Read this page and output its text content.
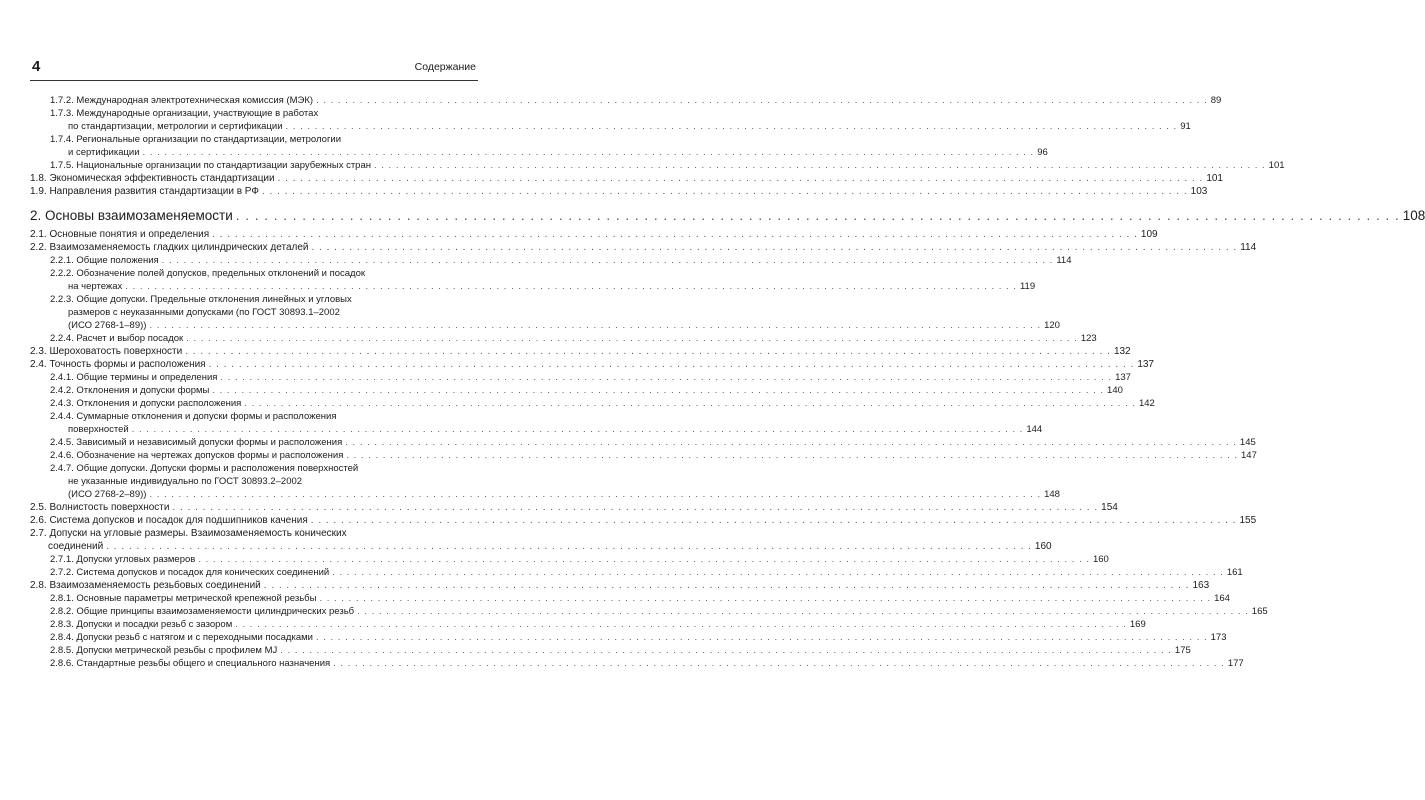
4	Содержание
1.7.2. Международная электротехническая комиссия (МЭК) . . .	89
1.7.3. Международные организации, участвующие в работах
по стандартизации, метрологии и сертификации . . .	91
1.7.4. Региональные организации по стандартизации, метрологии
и сертификации . . .	96
1.7.5. Национальные организации по стандартизации зарубежных стран . . .	101
1.8. Экономическая эффективность стандартизации . . .	101
1.9. Направления развития стандартизации в РФ . . .	103
2. Основы взаимозаменяемости . . .	108
2.1. Основные понятия и определения . . .	109
2.2. Взаимозаменяемость гладких цилиндрических деталей . . .	114
2.2.1. Общие положения . . .	114
2.2.2. Обозначение полей допусков, предельных отклонений и посадок
на чертежах . . .	119
2.2.3. Общие допуски. Предельные отклонения линейных и угловых
размеров с неуказанными допусками (по ГОСТ 30893.1–2002
(ИСО 2768-1–89)) . . .	120
2.2.4. Расчет и выбор посадок . . .	123
2.3. Шероховатость поверхности . . .	132
2.4. Точность формы и расположения . . .	137
2.4.1. Общие термины и определения . . .	137
2.4.2. Отклонения и допуски формы . . .	140
2.4.3. Отклонения и допуски расположения . . .	142
2.4.4. Суммарные отклонения и допуски формы и расположения
поверхностей . . .	144
2.4.5. Зависимый и независимый допуски формы и расположения . . .	145
2.4.6. Обозначение на чертежах допусков формы и расположения . . .	147
2.4.7. Общие допуски. Допуски формы и расположения поверхностей
не указанные индивидуально по ГОСТ 30893.2–2002
(ИСО 2768-2–89)) . . .	148
2.5. Волнистость поверхности . . .	154
2.6. Система допусков и посадок для подшипников качения . . .	155
2.7. Допуски на угловые размеры. Взаимозаменяемость конических
соединений . . .	160
2.7.1. Допуски угловых размеров . . .	160
2.7.2. Система допусков и посадок для конических соединений . . .	161
2.8. Взаимозаменяемость резьбовых соединений . . .	163
2.8.1. Основные параметры метрической крепежной резьбы . . .	164
2.8.2. Общие принципы взаимозаменяемости цилиндрических резьб . . .	165
2.8.3. Допуски и посадки резьб с зазором . . .	169
2.8.4. Допуски резьб с натягом и с переходными посадками . . .	173
2.8.5. Допуски метрической резьбы с профилем MJ . . .	175
2.8.6. Стандартные резьбы общего и специального назначения . . .	177
